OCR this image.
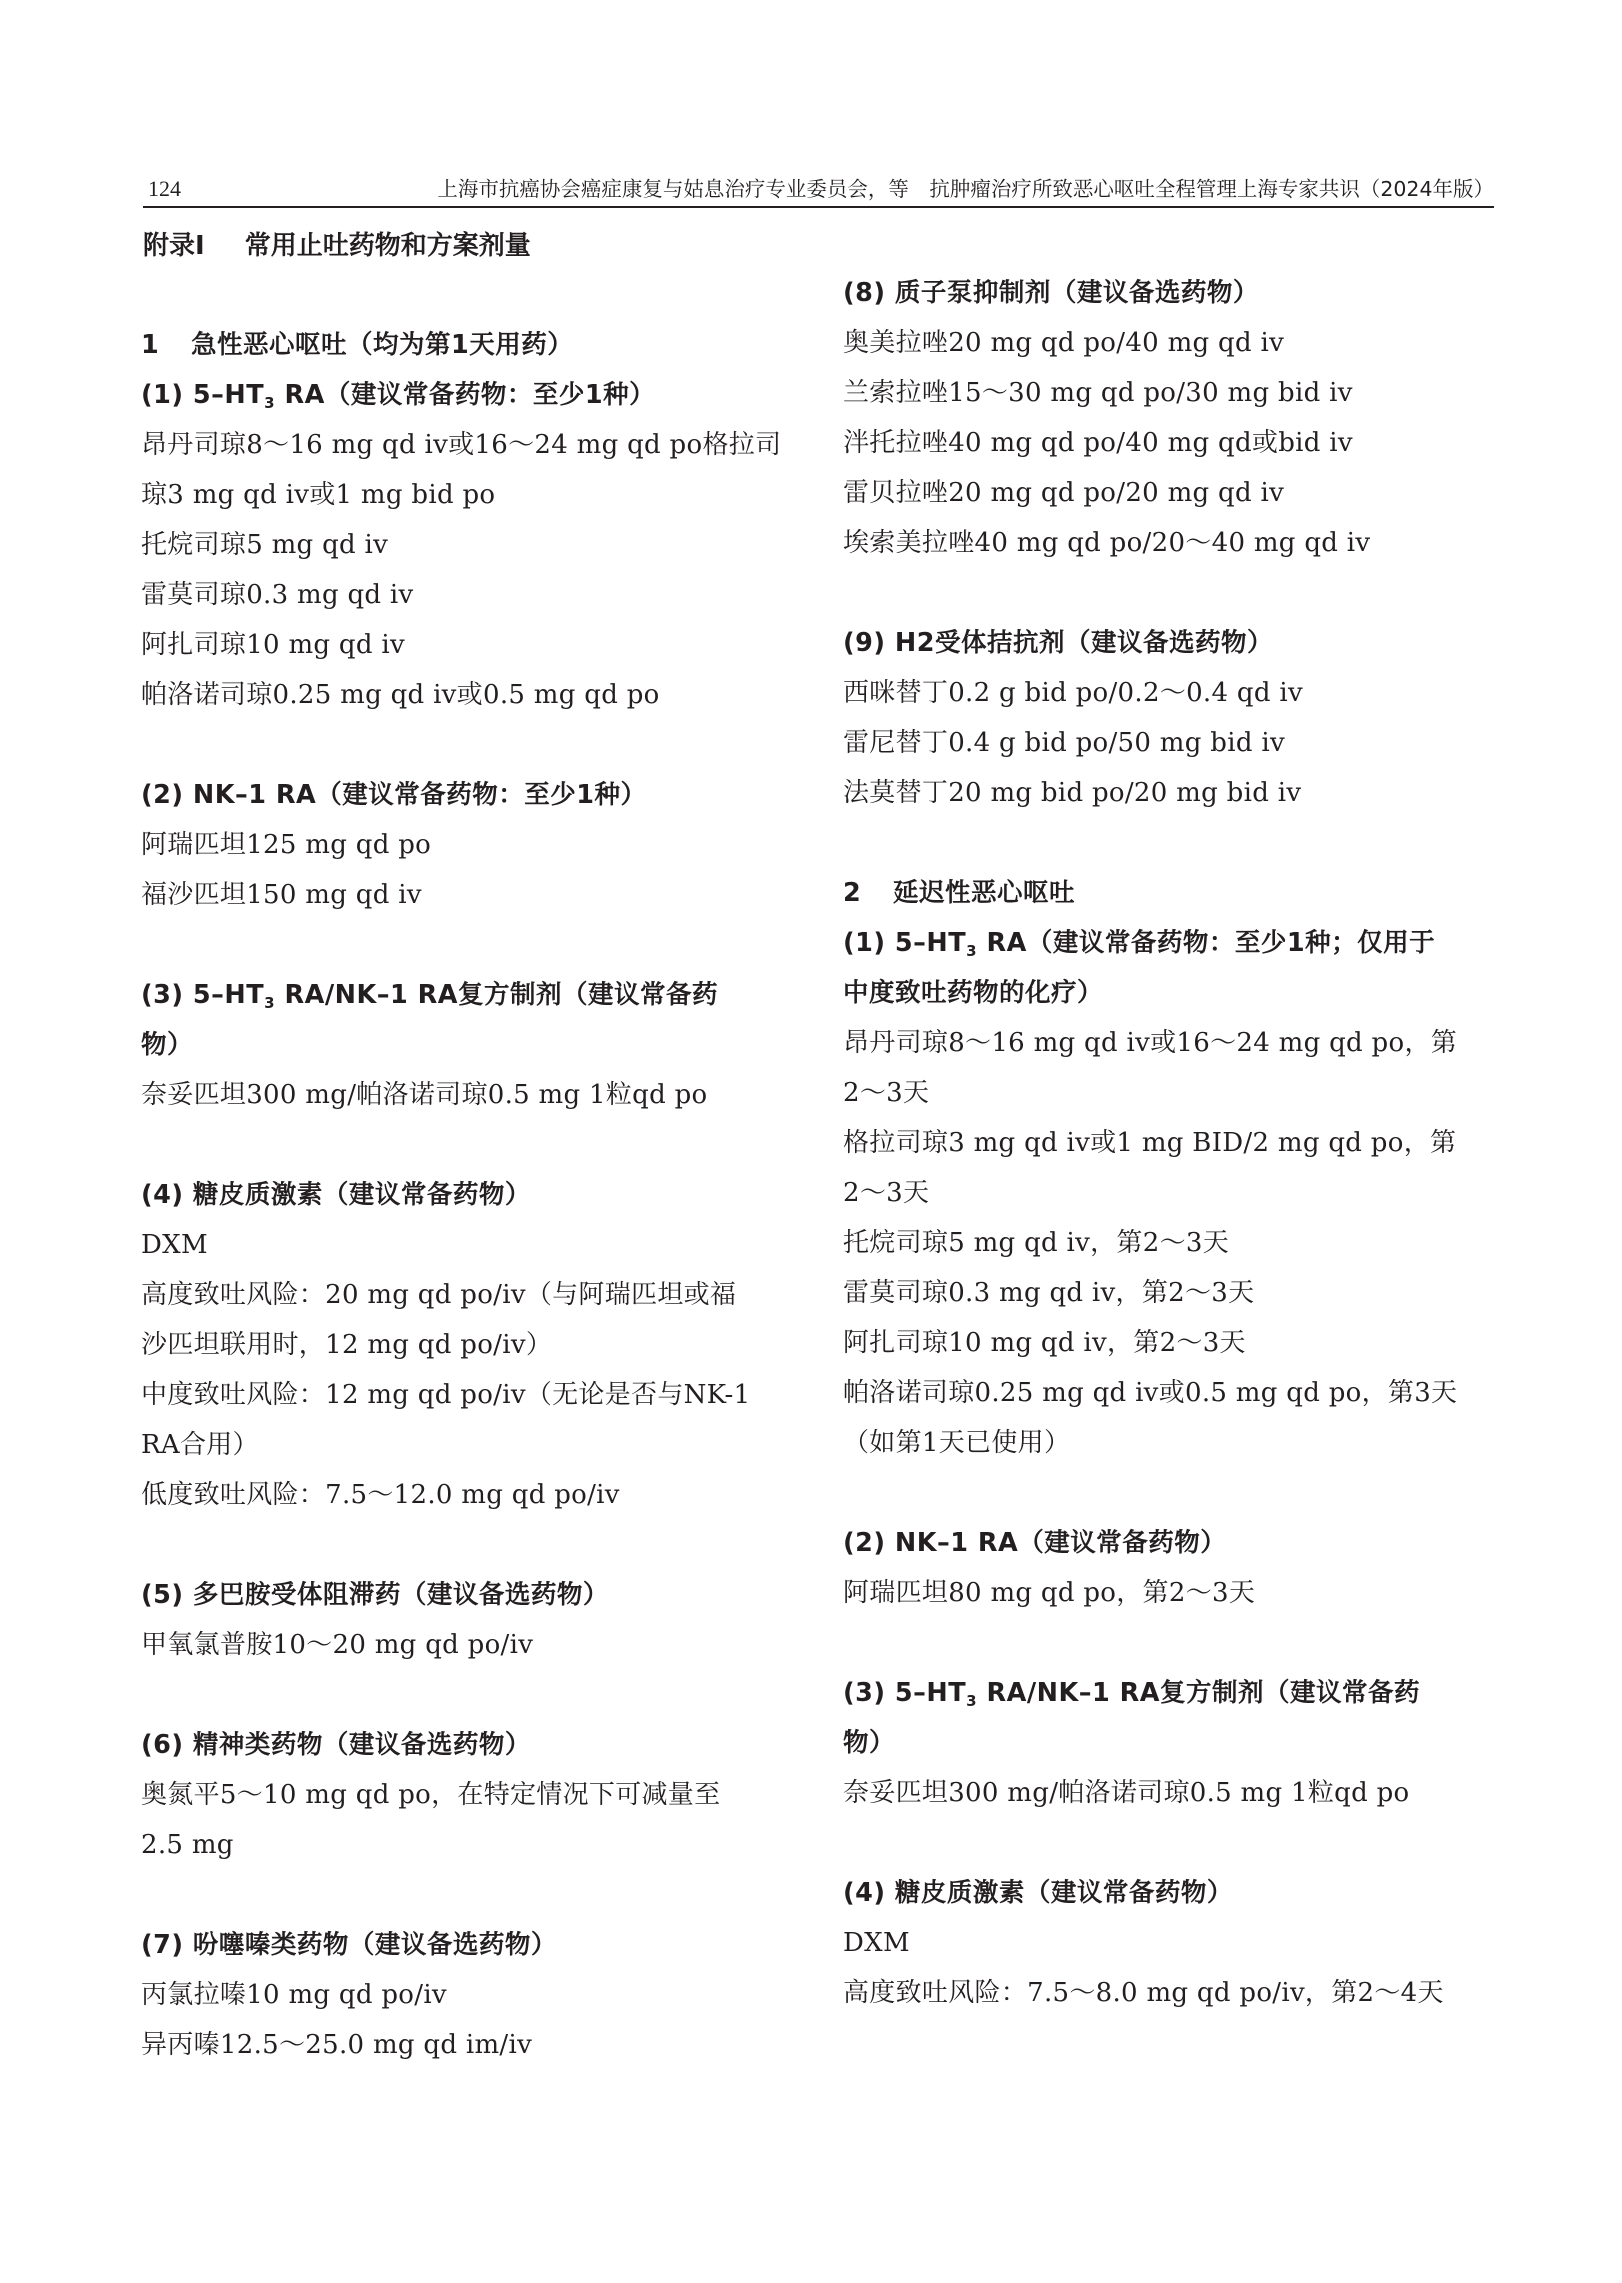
124	上海市抗癌协会癌症康复与姑息治疗专业委员会，等　抗肿瘤治疗所致恶心呕吐全程管理上海专家共识（2024年版）
附录Ⅰ 常用止吐药物和方案剂量
1 急性恶心呕吐（均为第1天用药）
(1) $5-HT_3$ RA（建议常备药物：至少1种）
昂丹司琼8～16 mg qd iv或16～24 mg qd po格拉司
琼3 mg qd iv或1 mg bid po
托烷司琼5 mg qd iv
雷莫司琼0.3 mg qd iv
阿扎司琼10 mg qd iv
帕洛诺司琼0.25 mg qd iv或0.5 mg qd po
(2) NK–1 RA（建议常备药物：至少1种）
阿瑞匹坦125 mg qd po
福沙匹坦150 mg qd iv
(3) $5-HT_3$ RA/NK–1 RA复方制剂（建议常备药
物）
奈妥匹坦300 mg/帕洛诺司琼0.5 mg 1粒qd po
(4) 糖皮质激素（建议常备药物）
DXM
高度致吐风险：20 mg qd po/iv（与阿瑞匹坦或福
沙匹坦联用时，12 mg qd po/iv）
中度致吐风险：12 mg qd po/iv（无论是否与NK-1
RA合用）
低度致吐风险：7.5～12.0 mg qd po/iv
(5) 多巴胺受体阻滞药（建议备选药物）
甲氧氯普胺10～20 mg qd po/iv
(6) 精神类药物（建议备选药物）
奥氮平5～10 mg qd po，在特定情况下可减量至
2.5 mg
(7) 吩噻嗪类药物（建议备选药物）
丙氯拉嗪10 mg qd po/iv
异丙嗪12.5～25.0 mg qd im/iv
(8) 质子泵抑制剂（建议备选药物）
奥美拉唑20 mg qd po/40 mg qd iv
兰索拉唑15～30 mg qd po/30 mg bid iv
泮托拉唑40 mg qd po/40 mg qd或bid iv
雷贝拉唑20 mg qd po/20 mg qd iv
埃索美拉唑40 mg qd po/20～40 mg qd iv
(9) H2受体拮抗剂（建议备选药物）
西咪替丁0.2 g bid po/0.2～0.4 qd iv
雷尼替丁0.4 g bid po/50 mg bid iv
法莫替丁20 mg bid po/20 mg bid iv
2 延迟性恶心呕吐
(1) $5-HT_3$ RA（建议常备药物：至少1种；仅用于
中度致吐药物的化疗）
昂丹司琼8～16 mg qd iv或16～24 mg qd po，第
2～3天
格拉司琼3 mg qd iv或1 mg BID/2 mg qd po，第
2～3天
托烷司琼5 mg qd iv，第2～3天
雷莫司琼0.3 mg qd iv，第2～3天
阿扎司琼10 mg qd iv，第2～3天
帕洛诺司琼0.25 mg qd iv或0.5 mg qd po，第3天
（如第1天已使用）
(2) NK–1 RA（建议常备药物）
阿瑞匹坦80 mg qd po，第2～3天
(3) $5-HT_3$ RA/NK–1 RA复方制剂（建议常备药
物）
奈妥匹坦300 mg/帕洛诺司琼0.5 mg 1粒qd po
(4) 糖皮质激素（建议常备药物）
DXM
高度致吐风险：7.5～8.0 mg qd po/iv，第2～4天
